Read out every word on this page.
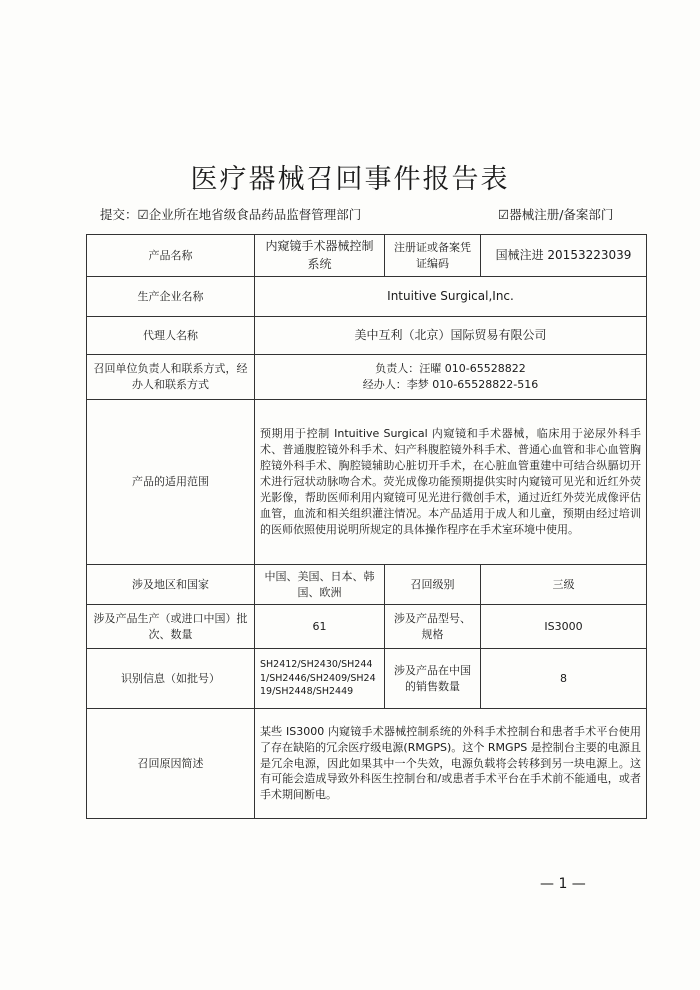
医疗器械召回事件报告表
提交：☑企业所在地省级食品药品监督管理部门	☑器械注册/备案部门
产品名称	内窥镜手术器械控制系统	注册证或备案凭证编码	国械注进 20153223039
生产企业名称	Intuitive Surgical,Inc.		
代理人名称	美中互利（北京）国际贸易有限公司		
召回单位负责人和联系方式，经办人和联系方式	负责人：汪曜 010-65528822
经办人：李梦 010-65528822-516		

产品的适用范围	预期用于控制 Intuitive Surgical 内窥镜和手术器械，临床用于泌尿外科手术、普通腹腔镜外科手术、妇产科腹腔镜外科手术、普通心血管和非心血管胸腔镜外科手术、胸腔镜辅助心脏切开手术，在心脏血管重建中可结合纵膈切开术进行冠状动脉吻合术。荧光成像功能预期提供实时内窥镜可见光和近红外荧光影像，帮助医师利用内窥镜可见光进行微创手术，通过近红外荧光成像评估血管，血流和相关组织灌注情况。本产品适用于成人和儿童，预期由经过培训的医师依照使用说明所规定的具体操作程序在手术室环境中使用。		
涉及地区和国家	中国、美国、日本、韩国、欧洲	召回级别	三级
涉及产品生产（或进口中国）批次、数量	61	涉及产品型号、规格	IS3000
识别信息（如批号）	SH2412/SH2430/SH2441/SH2446/SH2409/SH2419/SH2448/SH2449	涉及产品在中国的销售数量	8
召回原因简述	某些 IS3000 内窥镜手术器械控制系统的外科手术控制台和患者手术平台使用了存在缺陷的冗余医疗级电源(RMGPS)。这个 RMGPS 是控制台主要的电源且是冗余电源，因此如果其中一个失效，电源负载将会转移到另一块电源上。这有可能会造成导致外科医生控制台和/或患者手术平台在手术前不能通电，或者手术期间断电。		
— 1 —
